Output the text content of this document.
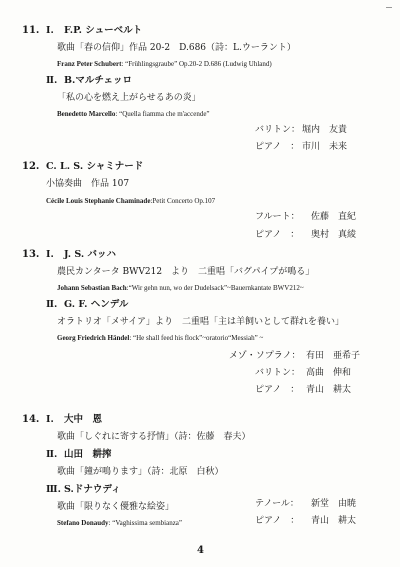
11. Ⅰ. F.P. シューベルト
歌曲「春の信仰」作品 20-2　D.686（詩：L.ウーラント）
Franz Peter Schubert: “Frühlingsgraube” Op.20-2 D.686 (Ludwig Uhland)
Ⅱ. B.マルチェッロ
「私の心を燃え上がらせるあの炎」
Benedetto Marcello: “Quella fiamma che m'accende”
バリトン： 堀内　友貴
ピアノ　： 市川　未来
12. C. L. S. シャミナード
小協奏曲　作品 107
Cécile Louis Stephanie Chaminade:Petit Concerto Op.107
フルート： 佐藤　直紀
ピアノ　： 奥村　真綾
13. Ⅰ. J. S. バッハ
農民カンタータ BWV212　より　二重唱「バグパイプが鳴る」
Johann Sebastian Bach:“Wir gehn nun, wo der Dudelsack”~Bauernkantate BWV212~
Ⅱ. G. F. ヘンデル
オラトリオ「メサイア」より　二重唱「主は羊飼いとして群れを養い」
Georg Friedrich Händel: “He shall feed his flock”~oratorio“Messiah” ~
メゾ・ソプラノ： 有田　亜希子
バリトン： 高曲　伸和
ピアノ　： 青山　耕太
14. Ⅰ. 大中　恩
歌曲「しぐれに寄する抒情」（詩：佐藤　春夫）
Ⅱ. 山田　耕搾
歌曲「鐘が鳴ります」（詩：北原　白秋）
Ⅲ. S.ドナウディ
歌曲「限りなく優雅な絵姿」
Stefano Donaudy: “Vaghissima sembianza”
テノール： 新堂　由暁
ピアノ　： 青山　耕太
4
